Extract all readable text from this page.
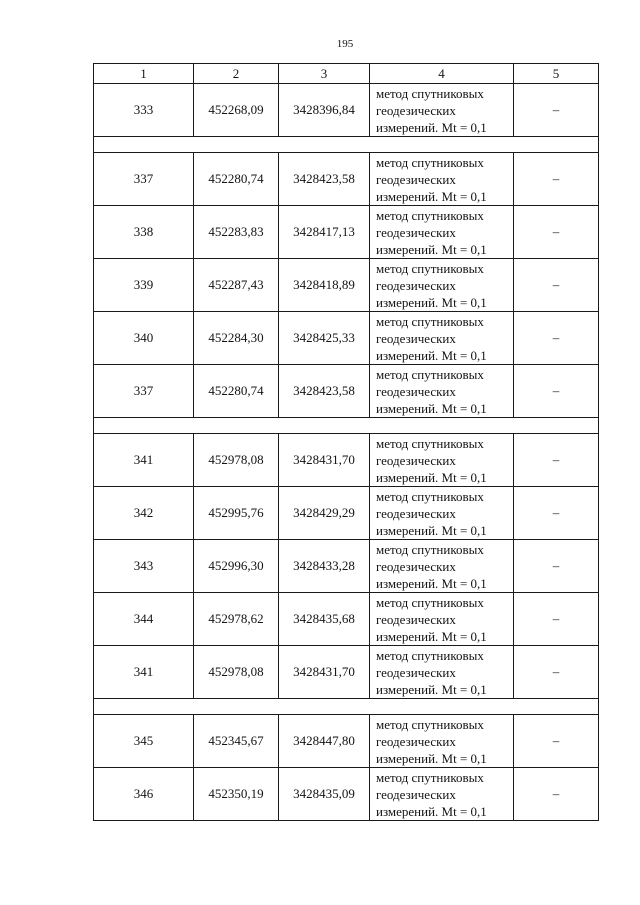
195
1	2	3	4	5
333	452268,09	3428396,84	метод спутниковых
геодезических
измерений. Mt = 0,1	–

337	452280,74	3428423,58	метод спутниковых
геодезических
измерений. Mt = 0,1	–
338	452283,83	3428417,13	метод спутниковых
геодезических
измерений. Mt = 0,1	–
339	452287,43	3428418,89	метод спутниковых
геодезических
измерений. Mt = 0,1	–
340	452284,30	3428425,33	метод спутниковых
геодезических
измерений. Mt = 0,1	–
337	452280,74	3428423,58	метод спутниковых
геодезических
измерений. Mt = 0,1	–

341	452978,08	3428431,70	метод спутниковых
геодезических
измерений. Mt = 0,1	–
342	452995,76	3428429,29	метод спутниковых
геодезических
измерений. Mt = 0,1	–
343	452996,30	3428433,28	метод спутниковых
геодезических
измерений. Mt = 0,1	–
344	452978,62	3428435,68	метод спутниковых
геодезических
измерений. Mt = 0,1	–
341	452978,08	3428431,70	метод спутниковых
геодезических
измерений. Mt = 0,1	–

345	452345,67	3428447,80	метод спутниковых
геодезических
измерений. Mt = 0,1	–
346	452350,19	3428435,09	метод спутниковых
геодезических
измерений. Mt = 0,1	–
